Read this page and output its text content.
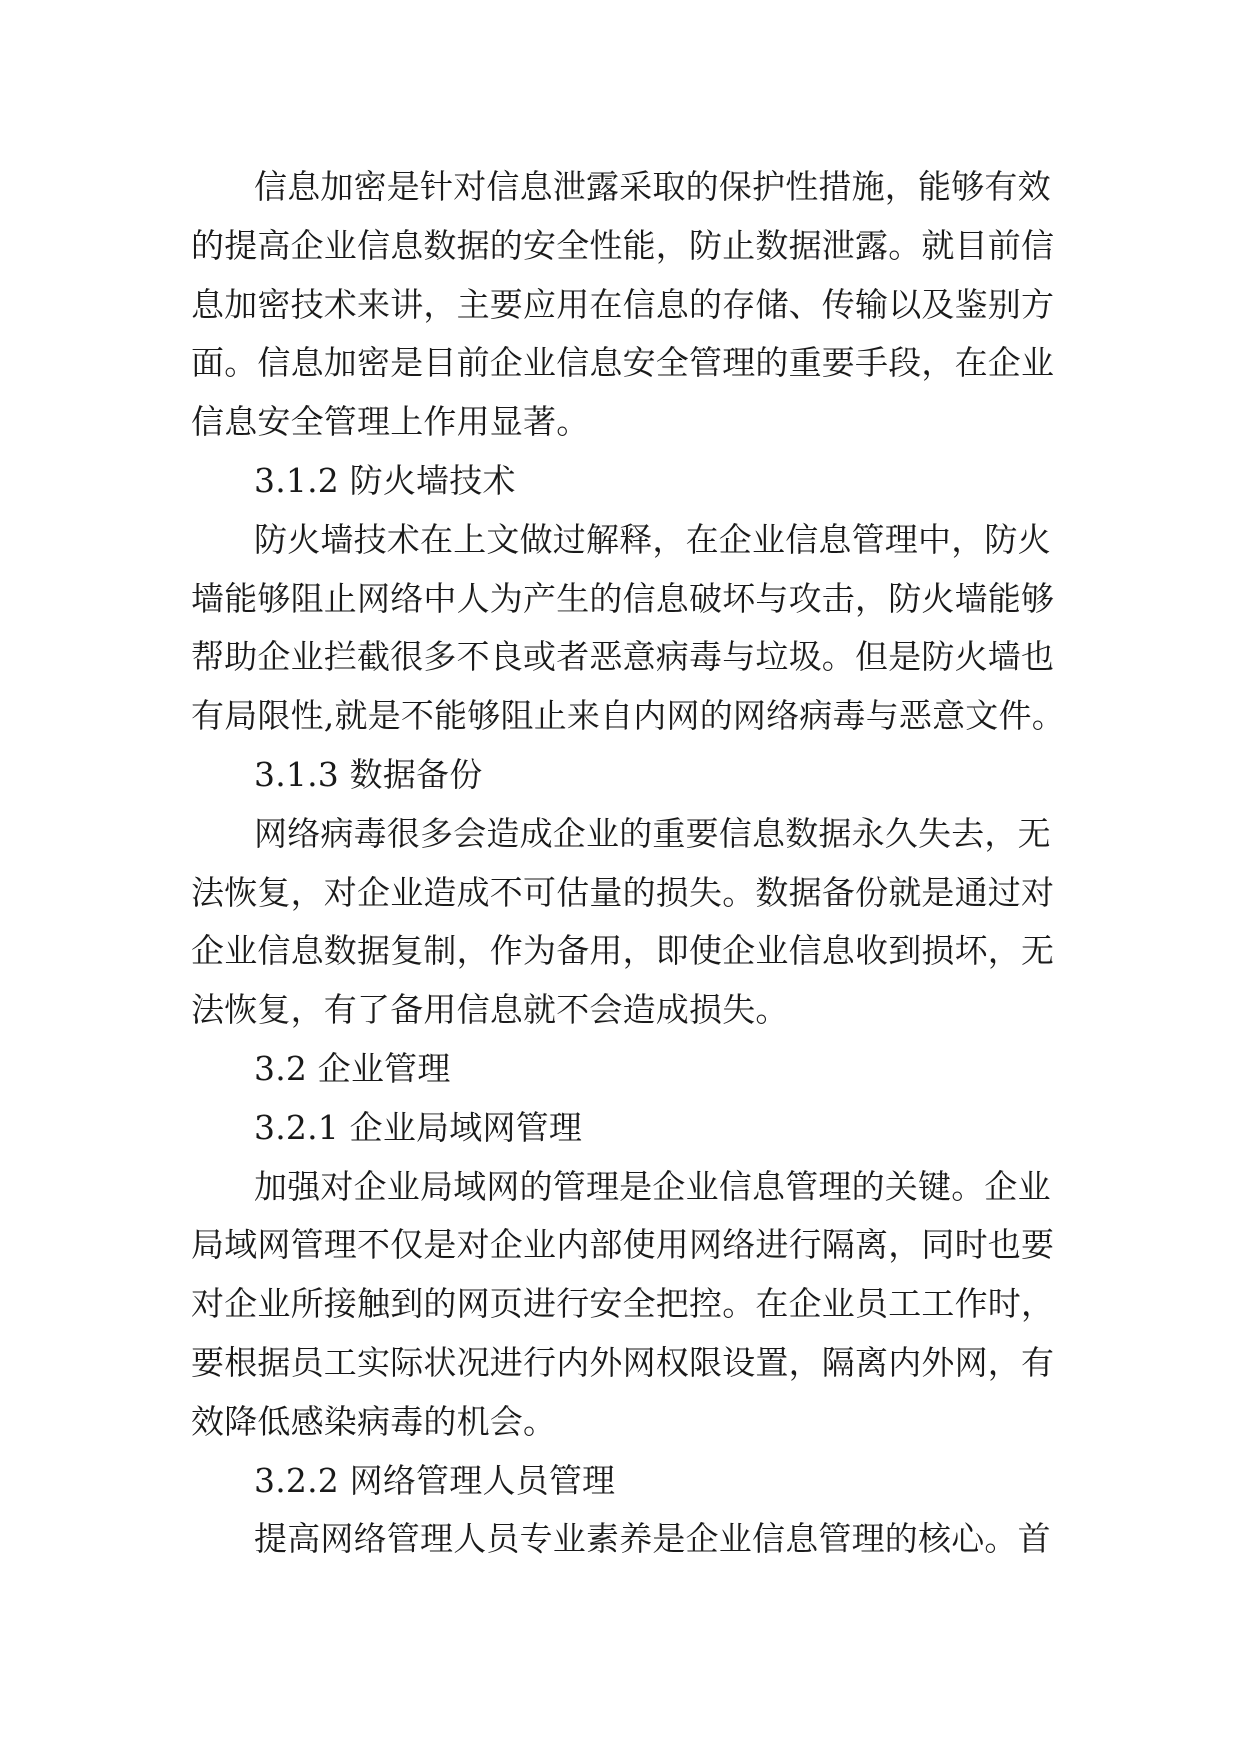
信息加密是针对信息泄露采取的保护性措施，能够有效
的提高企业信息数据的安全性能，防止数据泄露。就目前信
息加密技术来讲，主要应用在信息的存储、传输以及鉴别方
面。信息加密是目前企业信息安全管理的重要手段，在企业
信息安全管理上作用显著。
3.1.2 防火墙技术
防火墙技术在上文做过解释，在企业信息管理中，防火
墙能够阻止网络中人为产生的信息破坏与攻击，防火墙能够
帮助企业拦截很多不良或者恶意病毒与垃圾。但是防火墙也
有局限性,就是不能够阻止来自内网的网络病毒与恶意文件。
3.1.3 数据备份
网络病毒很多会造成企业的重要信息数据永久失去，无
法恢复，对企业造成不可估量的损失。数据备份就是通过对
企业信息数据复制，作为备用，即使企业信息收到损坏，无
法恢复，有了备用信息就不会造成损失。
3.2 企业管理
3.2.1 企业局域网管理
加强对企业局域网的管理是企业信息管理的关键。企业
局域网管理不仅是对企业内部使用网络进行隔离，同时也要
对企业所接触到的网页进行安全把控。在企业员工工作时，
要根据员工实际状况进行内外网权限设置，隔离内外网，有
效降低感染病毒的机会。
3.2.2 网络管理人员管理
提高网络管理人员专业素养是企业信息管理的核心。首
